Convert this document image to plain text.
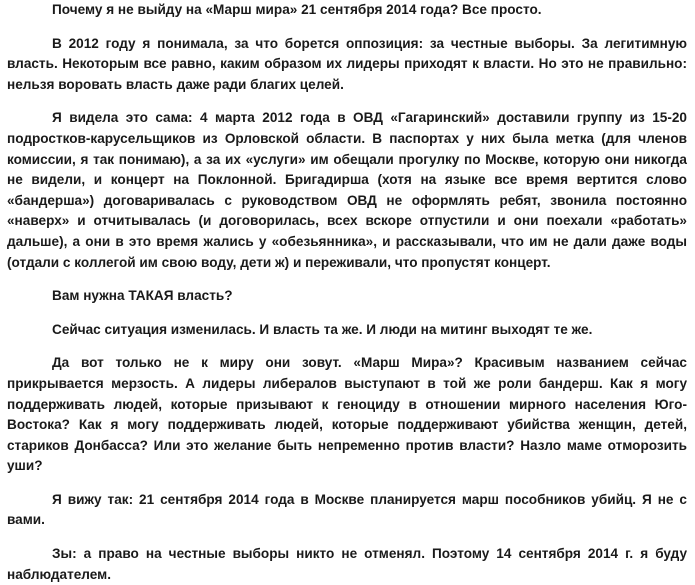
Почему я не выйду на «Марш мира» 21 сентября 2014 года? Все просто.

В 2012 году я понимала, за что борется оппозиция: за честные выборы. За легитимную власть. Некоторым все равно, каким образом их лидеры приходят к власти. Но это не правильно: нельзя воровать власть даже ради благих целей.

Я видела это сама: 4 марта 2012 года в ОВД «Гагаринский» доставили группу из 15-20 подростков-карусельщиков из Орловской области. В паспортах у них была метка (для членов комиссии, я так понимаю), а за их «услуги» им обещали прогулку по Москве, которую они никогда не видели, и концерт на Поклонной. Бригадирша (хотя на языке все время вертится слово «бандерша») договаривалась с руководством ОВД не оформлять ребят, звонила постоянно «наверх» и отчитывалась (и договорилась, всех вскоре отпустили и они поехали «работать» дальше), а они в это время жались у «обезьянника», и рассказывали, что им не дали даже воды (отдали с коллегой им свою воду, дети ж) и переживали, что пропустят концерт.

Вам нужна ТАКАЯ власть?

Сейчас ситуация изменилась. И власть та же. И люди на митинг выходят те же.

Да вот только не к миру они зовут. «Марш Мира»? Красивым названием сейчас прикрывается мерзость. А лидеры либералов выступают в той же роли бандерш. Как я могу поддерживать людей, которые призывают к геноциду в отношении мирного населения Юго-Востока? Как я могу поддерживать людей, которые поддерживают убийства женщин, детей, стариков Донбасса? Или это желание быть непременно против власти? Назло маме отморозить уши?

Я вижу так: 21 сентября 2014 года в Москве планируется марш пособников убийц. Я не с вами.

Зы: а право на честные выборы никто не отменял. Поэтому 14 сентября 2014 г. я буду наблюдателем.
